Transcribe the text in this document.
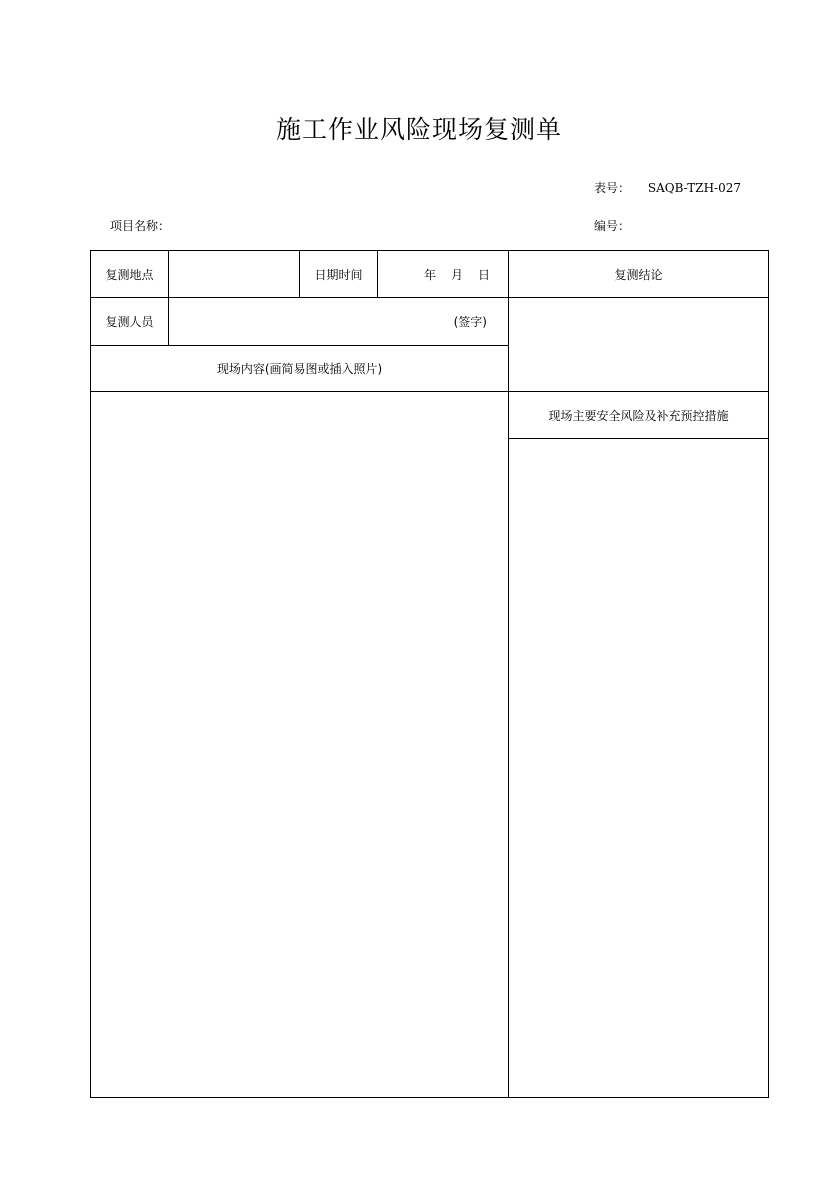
施工作业风险现场复测单
表号： SAQB-TZH-027
项目名称：	编号：
复测地点	日期时间	年 月 日	复测结论
复测人员	(签字)
现场内容(画简易图或插入照片)
现场主要安全风险及补充预控措施
